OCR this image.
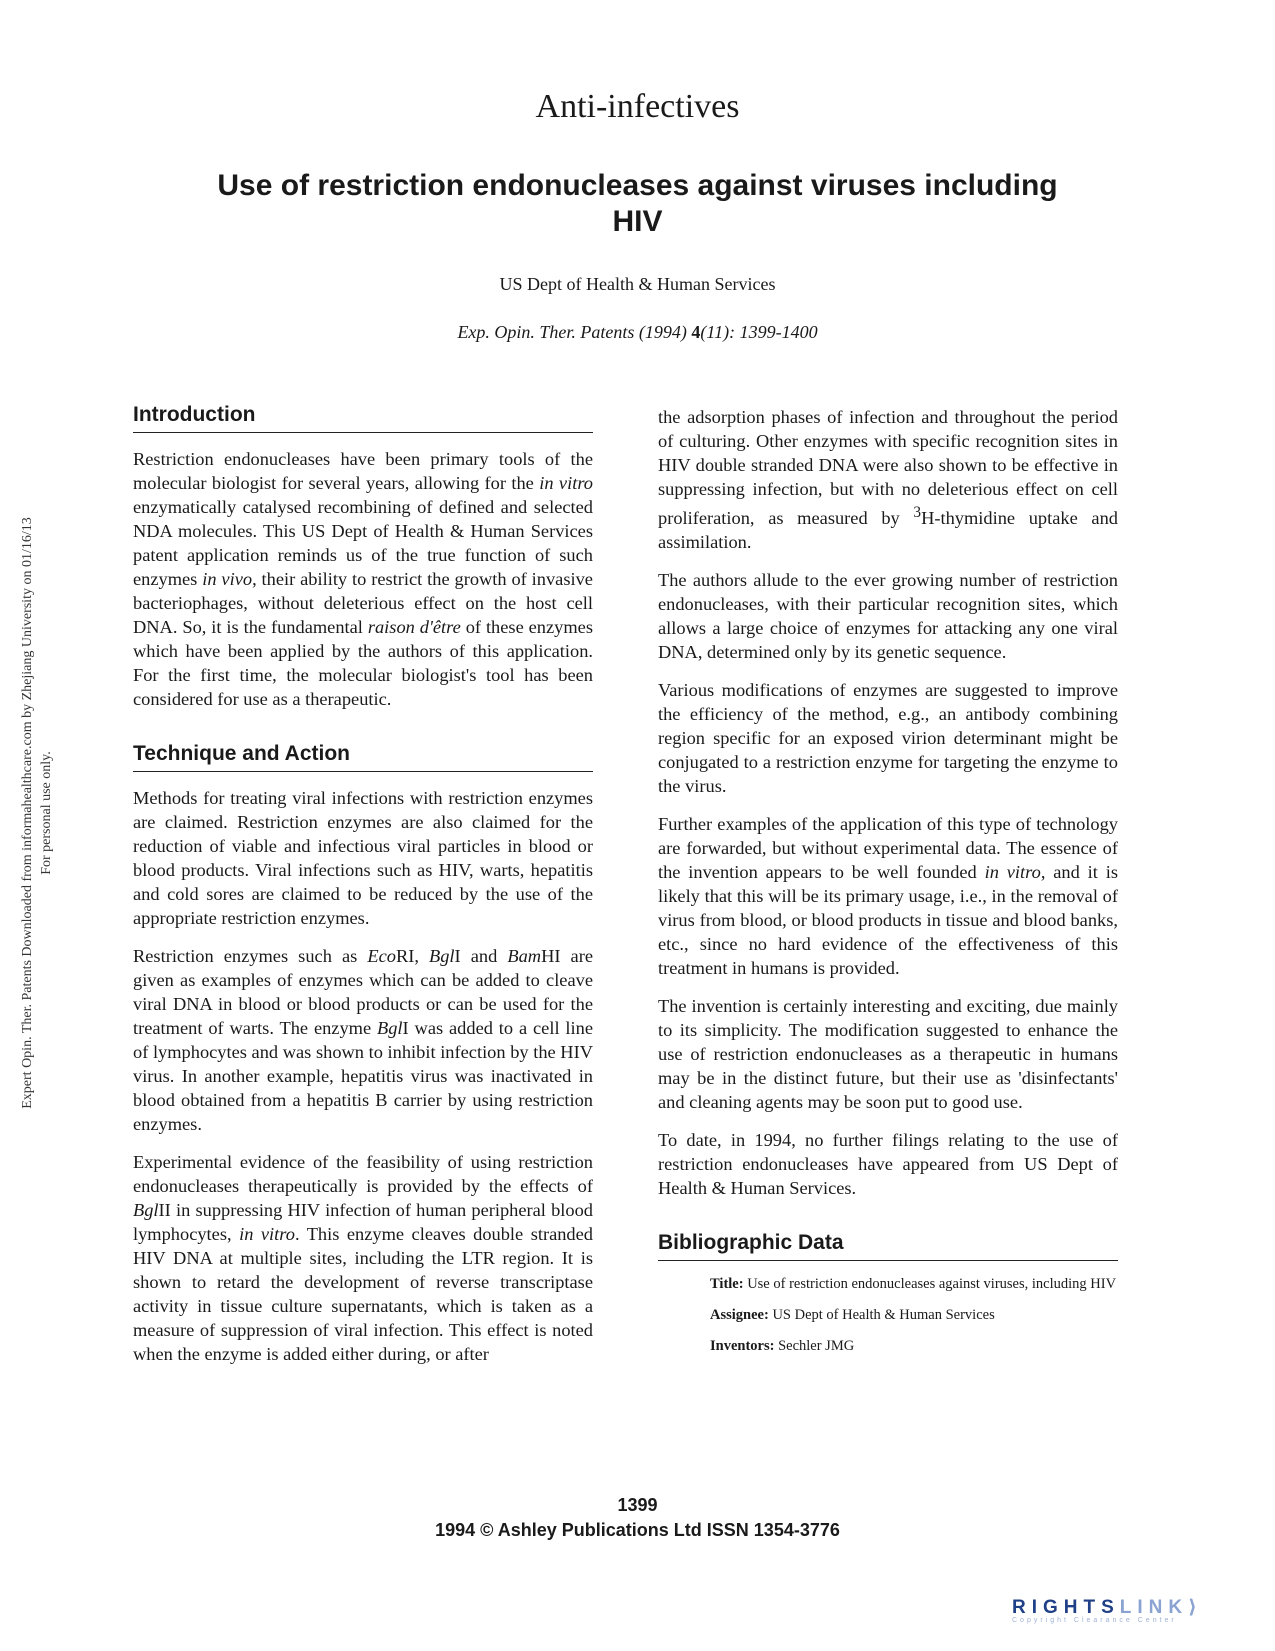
Anti-infectives
Use of restriction endonucleases against viruses including HIV
US Dept of Health & Human Services
Exp. Opin. Ther. Patents (1994) 4(11): 1399-1400
Expert Opin. Ther. Patents Downloaded from informahealthcare.com by Zhejiang University on 01/16/13 For personal use only.
Introduction

Restriction endonucleases have been primary tools of the molecular biologist for several years, allowing for the in vitro enzymatically catalysed recombining of defined and selected NDA molecules. This US Dept of Health & Human Services patent application reminds us of the true function of such enzymes in vivo, their ability to restrict the growth of invasive bacteriophages, without deleterious effect on the host cell DNA. So, it is the fundamental raison d'être of these enzymes which have been applied by the authors of this application. For the first time, the molecular biologist's tool has been considered for use as a therapeutic.

Technique and Action

Methods for treating viral infections with restriction enzymes are claimed. Restriction enzymes are also claimed for the reduction of viable and infectious viral particles in blood or blood products. Viral infections such as HIV, warts, hepatitis and cold sores are claimed to be reduced by the use of the appropriate restriction enzymes.

Restriction enzymes such as EcoRI, BglI and BamHI are given as examples of enzymes which can be added to cleave viral DNA in blood or blood products or can be used for the treatment of warts. The enzyme BglI was added to a cell line of lymphocytes and was shown to inhibit infection by the HIV virus. In another example, hepatitis virus was inactivated in blood obtained from a hepatitis B carrier by using restriction enzymes.

Experimental evidence of the feasibility of using restriction endonucleases therapeutically is provided by the effects of BglII in suppressing HIV infection of human peripheral blood lymphocytes, in vitro. This enzyme cleaves double stranded HIV DNA at multiple sites, including the LTR region. It is shown to retard the development of reverse transcriptase activity in tissue culture supernatants, which is taken as a measure of suppression of viral infection. This effect is noted when the enzyme is added either during, or after

the adsorption phases of infection and throughout the period of culturing. Other enzymes with specific recognition sites in HIV double stranded DNA were also shown to be effective in suppressing infection, but with no deleterious effect on cell proliferation, as measured by $^3$H-thymidine uptake and assimilation.

The authors allude to the ever growing number of restriction endonucleases, with their particular recognition sites, which allows a large choice of enzymes for attacking any one viral DNA, determined only by its genetic sequence.

Various modifications of enzymes are suggested to improve the efficiency of the method, e.g., an antibody combining region specific for an exposed virion determinant might be conjugated to a restriction enzyme for targeting the enzyme to the virus.

Further examples of the application of this type of technology are forwarded, but without experimental data. The essence of the invention appears to be well founded in vitro, and it is likely that this will be its primary usage, i.e., in the removal of virus from blood, or blood products in tissue and blood banks, etc., since no hard evidence of the effectiveness of this treatment in humans is provided.

The invention is certainly interesting and exciting, due mainly to its simplicity. The modification suggested to enhance the use of restriction endonucleases as a therapeutic in humans may be in the distinct future, but their use as 'disinfectants' and cleaning agents may be soon put to good use.

To date, in 1994, no further filings relating to the use of restriction endonucleases have appeared from US Dept of Health & Human Services.

Bibliographic Data

Title: Use of restriction endonucleases against viruses, including HIV

Assignee: US Dept of Health & Human Services

Inventors: Sechler JMG

1399
1994 © Ashley Publications Ltd ISSN 1354-3776
RIGHTSLINK⟩
Copyright Clearance Center
